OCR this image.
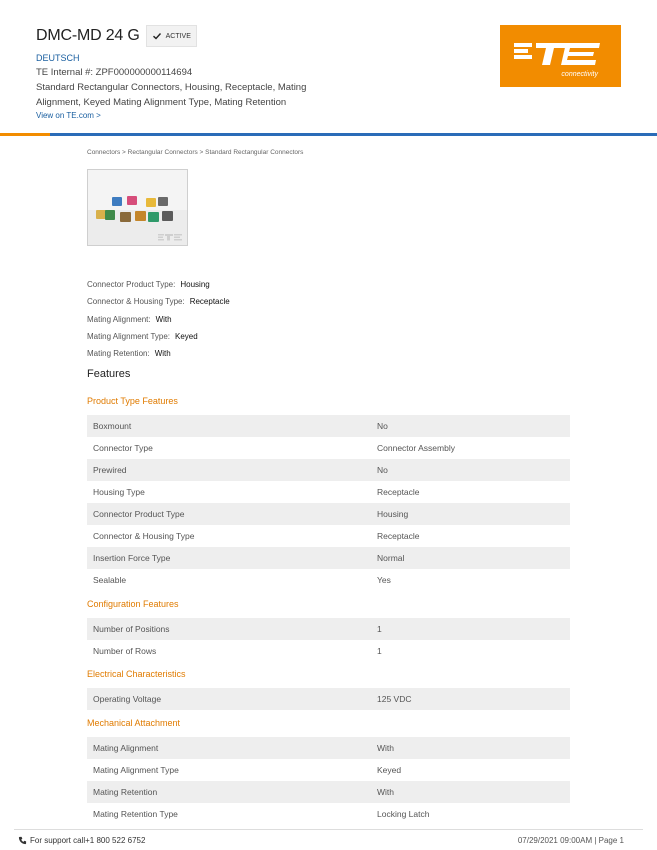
DMC-MD 24 G	ACTIVE
DEUTSCH
TE Internal #: ZPF000000000114694
Standard Rectangular Connectors, Housing, Receptacle, Mating Alignment, Keyed Mating Alignment Type, Mating Retention
View on TE.com >
connectivity
Connectors > Rectangular Connectors > Standard Rectangular Connectors
Connector Product Type: Housing
Connector & Housing Type: Receptacle
Mating Alignment: With
Mating Alignment Type: Keyed
Mating Retention: With
Features
Product Type Features
Boxmount	No
Connector Type	Connector Assembly
Prewired	No
Housing Type	Receptacle
Connector Product Type	Housing
Connector & Housing Type	Receptacle
Insertion Force Type	Normal
Sealable	Yes
Configuration Features
Number of Positions	1
Number of Rows	1
Electrical Characteristics
Operating Voltage	125 VDC
Mechanical Attachment
Mating Alignment	With
Mating Alignment Type	Keyed
Mating Retention	With
Mating Retention Type	Locking Latch
For support call+1 800 522 6752	07/29/2021 09:00AM | Page 1
